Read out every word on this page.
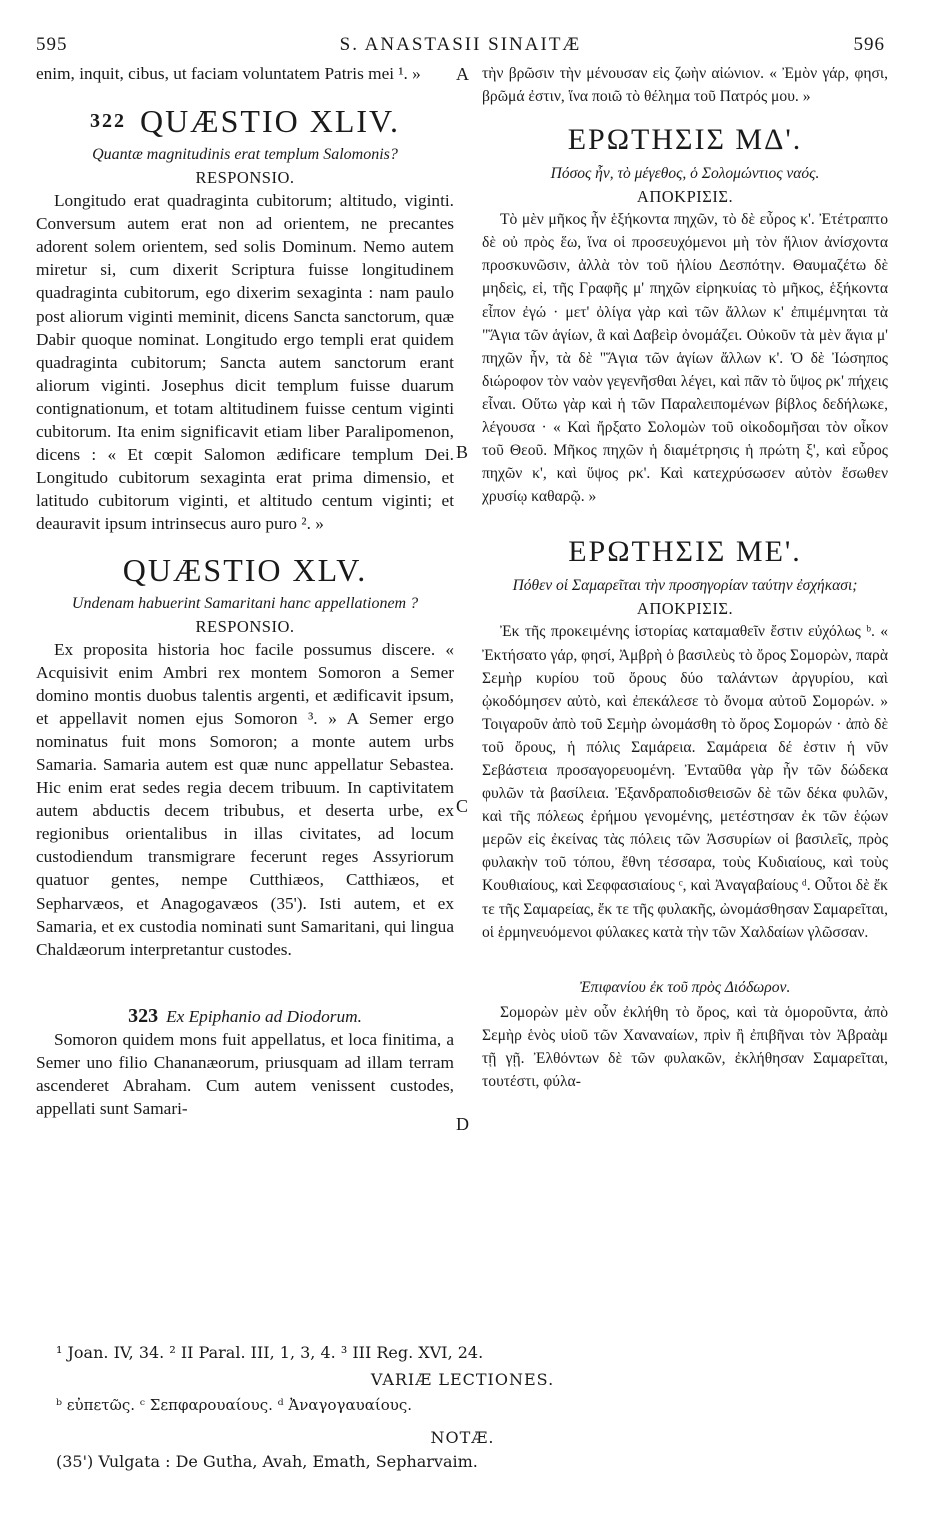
595	S. ANASTASII SINAITÆ	596
A
B
C
D

enim, inquit, cibus, ut faciam voluntatem Patris mei ¹. »

$^{322}$ QUÆSTIO XLIV.

Quantæ magnitudinis erat templum Salomonis?

RESPONSIO.

Longitudo erat quadraginta cubitorum; altitudo, viginti. Conversum autem erat non ad orientem, ne precantes adorent solem orientem, sed solis Dominum. Nemo autem miretur si, cum dixerit Scriptura fuisse longitudinem quadraginta cubitorum, ego dixerim sexaginta : nam paulo post aliorum viginti meminit, dicens Sancta sanctorum, quæ Dabir quoque nominat. Longitudo ergo templi erat quidem quadraginta cubitorum; Sancta autem sanctorum erant aliorum viginti. Josephus dicit templum fuisse duarum contignationum, et totam altitudinem fuisse centum viginti cubitorum. Ita enim significavit etiam liber Paralipomenon, dicens : « Et cœpit Salomon ædificare templum Dei. Longitudo cubitorum sexaginta erat prima dimensio, et latitudo cubitorum viginti, et altitudo centum viginti; et deauravit ipsum intrinsecus auro puro ². »

QUÆSTIO XLV.

Undenam habuerint Samaritani hanc appellationem ?

RESPONSIO.

Ex proposita historia hoc facile possumus discere. « Acquisivit enim Ambri rex montem Somoron a Semer domino montis duobus talentis argenti, et ædificavit ipsum, et appellavit nomen ejus Somoron ³. » A Semer ergo nominatus fuit mons Somoron; a monte autem urbs Samaria. Samaria autem est quæ nunc appellatur Sebastea. Hic enim erat sedes regia decem tribuum. In captivitatem autem abductis decem tribubus, et deserta urbe, ex regionibus orientalibus in illas civitates, ad locum custodiendum transmigrare fecerunt reges Assyriorum quatuor gentes, nempe Cutthiæos, Catthiæos, et Sepharvæos, et Anagogavæos (35'). Isti autem, et ex Samaria, et ex custodia nominati sunt Samaritani, qui lingua Chaldæorum interpretantur custodes.

323 Ex Epiphanio ad Diodorum.

Somoron quidem mons fuit appellatus, et loca finitima, a Semer uno filio Chananæorum, priusquam ad illam terram ascenderet Abraham. Cum autem venissent custodes, appellati sunt Samari-

τὴν βρῶσιν τὴν μένουσαν εἰς ζωὴν αἰώνιον. « Ἐμὸν γάρ, φησι, βρῶμά ἐστιν, ἵνα ποιῶ τὸ θέλημα τοῦ Πατρός μου. »

ΕΡΩΤΗΣΙΣ ΜΔ'.

Πόσος ἦν, τὸ μέγεθος, ὁ Σολομώντιος ναός.

ΑΠΟΚΡΙΣΙΣ.

Τὸ μὲν μῆκος ἦν ἑξήκοντα πηχῶν, τὸ δὲ εὖρος κ'. Ἐτέτραπτο δὲ οὐ πρὸς ἕω, ἵνα οἱ προσευχόμενοι μὴ τὸν ἥλιον ἀνίσχοντα προσκυνῶσιν, ἀλλὰ τὸν τοῦ ἡλίου Δεσπότην. Θαυμαζέτω δὲ μηδεὶς, εἰ, τῆς Γραφῆς μ' πηχῶν εἰρηκυίας τὸ μῆκος, ἑξήκοντα εἶπον ἐγώ · μετ' ὀλίγα γὰρ καὶ τῶν ἄλλων κ' ἐπιμέμνηται τὰ "Ἅγια τῶν ἁγίων, ἃ καὶ Δαβεὶρ ὀνομάζει. Οὐκοῦν τὰ μὲν ἅγια μ' πηχῶν ἦν, τὰ δὲ "Ἅγια τῶν ἁγίων ἄλλων κ'. Ὁ δὲ Ἰώσηπος διώροφον τὸν ναὸν γεγενῆσθαι λέγει, καὶ πᾶν τὸ ὕψος ρκ' πήχεις εἶναι. Οὕτω γὰρ καὶ ἡ τῶν Παραλειπομένων βίβλος δεδήλωκε, λέγουσα · « Καὶ ἤρξατο Σολομὼν τοῦ οἰκοδομῆσαι τὸν οἶκον τοῦ Θεοῦ. Μῆκος πηχῶν ἡ διαμέτρησις ἡ πρώτη ξ', καὶ εὖρος πηχῶν κ', καὶ ὕψος ρκ'. Καὶ κατεχρύσωσεν αὐτὸν ἔσωθεν χρυσίῳ καθαρῷ. »

ΕΡΩΤΗΣΙΣ ΜΕ'.

Πόθεν οἱ Σαμαρεῖται τὴν προσηγορίαν ταύτην ἐσχήκασι;

ΑΠΟΚΡΙΣΙΣ.

Ἐκ τῆς προκειμένης ἱστορίας καταμαθεῖν ἔστιν εὐχόλως ᵇ. « Ἐκτήσατο γάρ, φησί, Ἀμβρὴ ὁ βασιλεὺς τὸ ὄρος Σομορὼν, παρὰ Σεμὴρ κυρίου τοῦ ὄρους δύο ταλάντων ἀργυρίου, καὶ ᾠκοδόμησεν αὐτὸ, καὶ ἐπεκάλεσε τὸ ὄνομα αὐτοῦ Σομορών. » Τοιγαροῦν ἀπὸ τοῦ Σεμὴρ ὠνομάσθη τὸ ὄρος Σομορών · ἀπὸ δὲ τοῦ ὄρους, ἡ πόλις Σαμάρεια. Σαμάρεια δέ ἐστιν ἡ νῦν Σεβάστεια προσαγορευομένη. Ἐνταῦθα γὰρ ἦν τῶν δώδεκα φυλῶν τὰ βασίλεια. Ἐξανδραποδισθεισῶν δὲ τῶν δέκα φυλῶν, καὶ τῆς πόλεως ἐρήμου γενομένης, μετέστησαν ἐκ τῶν ἑῴων μερῶν εἰς ἐκείνας τὰς πόλεις τῶν Ἀσσυρίων οἱ βασιλεῖς, πρὸς φυλακὴν τοῦ τόπου, ἔθνη τέσσαρα, τοὺς Κυδιαίους, καὶ τοὺς Κουθιαίους, καὶ Σεφφασιαίους ᶜ, καὶ Ἀναγαβαίους ᵈ. Οὗτοι δὲ ἔκ τε τῆς Σαμαρείας, ἔκ τε τῆς φυλακῆς, ὠνομάσθησαν Σαμαρεῖται, οἱ ἑρμηνευόμενοι φύλακες κατὰ τὴν τῶν Χαλδαίων γλῶσσαν.

Ἐπιφανίου ἐκ τοῦ πρὸς Διόδωρον.

Σομορὼν μὲν οὖν ἐκλήθη τὸ ὄρος, καὶ τὰ ὁμοροῦντα, ἀπὸ Σεμὴρ ἑνὸς υἱοῦ τῶν Χαναναίων, πρὶν ἢ ἐπιβῆναι τὸν Ἀβραὰμ τῇ γῇ. Ἐλθόντων δὲ τῶν φυλακῶν, ἐκλήθησαν Σαμαρεῖται, τουτέστι, φύλα-

¹ Joan. IV, 34. ² II Paral. III, 1, 3, 4. ³ III Reg. XVI, 24.
VARIÆ LECTIONES.
ᵇ εὐπετῶς. ᶜ Σεπφαρουαίους. ᵈ Ἀναγογαυαίους.
NOTÆ.
(35') Vulgata : De Gutha, Avah, Emath, Sepharvaim.
